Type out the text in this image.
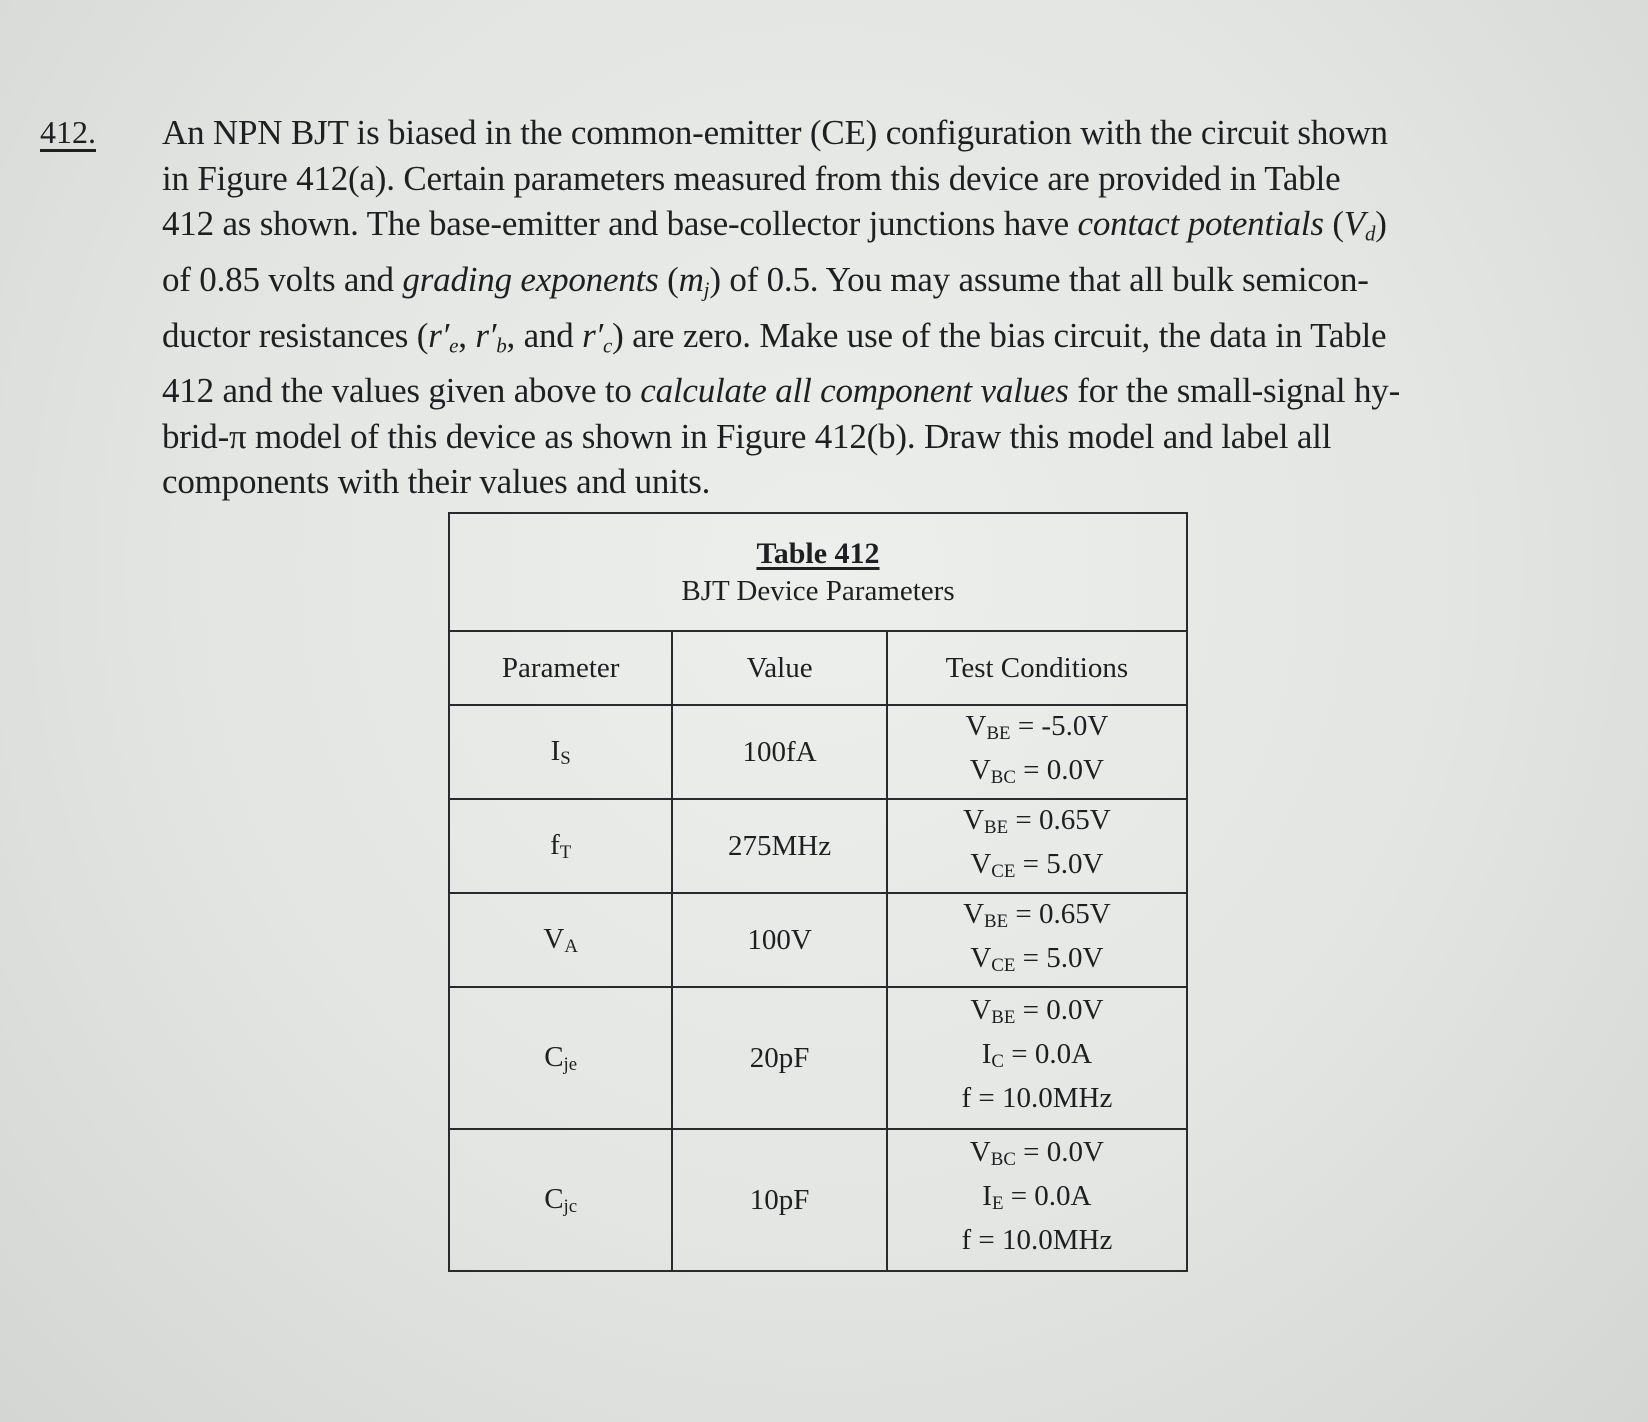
412. An NPN BJT is biased in the common-emitter (CE) configuration with the circuit shown
in Figure 412(a). Certain parameters measured from this device are provided in Table
412 as shown. The base-emitter and base-collector junctions have contact potentials $(V_d)$
of 0.85 volts and grading exponents $(m_j)$ of 0.5. You may assume that all bulk semicon-
ductor resistances ($r'_e$, $r'_b$, and $r'_c$) are zero. Make use of the bias circuit, the data in Table
412 and the values given above to calculate all component values for the small-signal hy-
brid-π model of this device as shown in Figure 412(b). Draw this model and label all
components with their values and units.
Table 412
BJT Device Parameters		

Parameter	Value	Test Conditions
IS	100fA	VBE = -5.0V
VBC = 0.0V

fT	275MHz	VBE = 0.65V
VCE = 5.0V

VA	100V	VBE = 0.65V
VCE = 5.0V

Cje	20pF	VBE = 0.0V
IC = 0.0A
f = 10.0MHz

Cjc	10pF	VBC = 0.0V
IE = 0.0A
f = 10.0MHz
